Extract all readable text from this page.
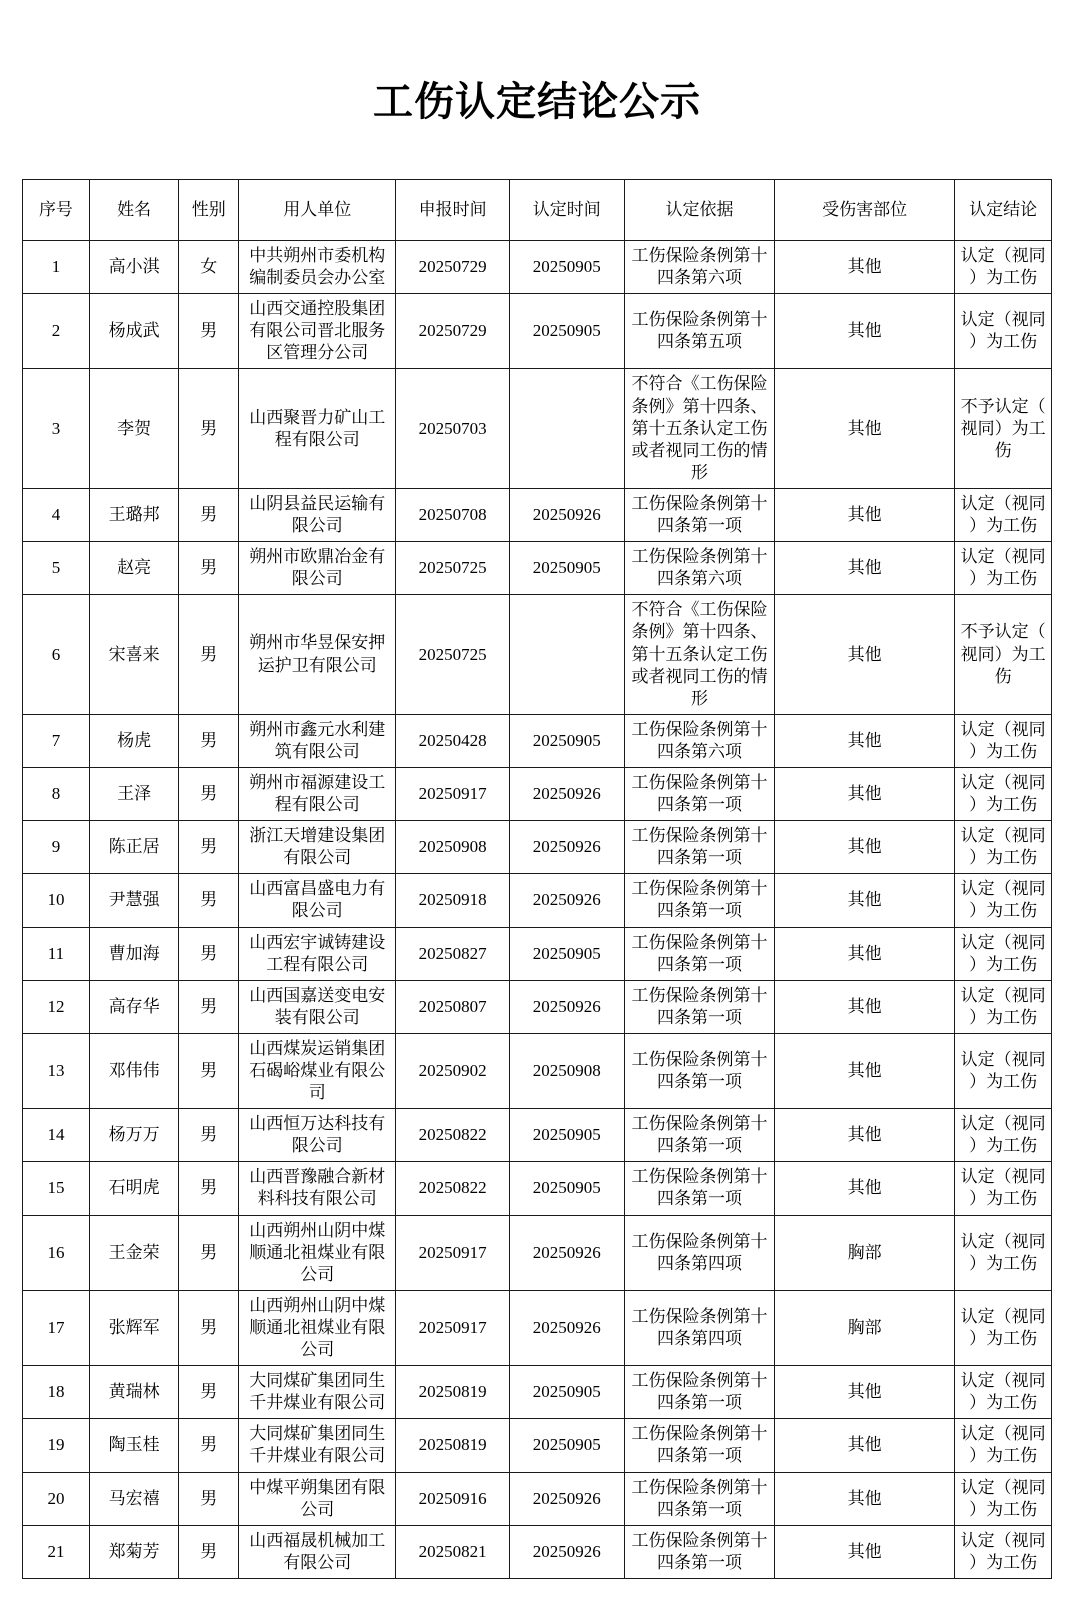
工伤认定结论公示
序号	姓名	性别	用人单位	申报时间	认定时间	认定依据	受伤害部位	认定结论
1	高小淇	女	中共朔州市委机构编制委员会办公室	20250729	20250905	工伤保险条例第十四条第六项	其他	认定（视同）为工伤
2	杨成武	男	山西交通控股集团有限公司晋北服务区管理分公司	20250729	20250905	工伤保险条例第十四条第五项	其他	认定（视同）为工伤
3	李贺	男	山西聚晋力矿山工程有限公司	20250703		不符合《工伤保险条例》第十四条、第十五条认定工伤或者视同工伤的情形	其他	不予认定（视同）为工伤
4	王璐邦	男	山阴县益民运输有限公司	20250708	20250926	工伤保险条例第十四条第一项	其他	认定（视同）为工伤
5	赵亮	男	朔州市欧鼎冶金有限公司	20250725	20250905	工伤保险条例第十四条第六项	其他	认定（视同）为工伤
6	宋喜来	男	朔州市华昱保安押运护卫有限公司	20250725		不符合《工伤保险条例》第十四条、第十五条认定工伤或者视同工伤的情形	其他	不予认定（视同）为工伤
7	杨虎	男	朔州市鑫元水利建筑有限公司	20250428	20250905	工伤保险条例第十四条第六项	其他	认定（视同）为工伤
8	王泽	男	朔州市福源建设工程有限公司	20250917	20250926	工伤保险条例第十四条第一项	其他	认定（视同）为工伤
9	陈正居	男	浙江天增建设集团有限公司	20250908	20250926	工伤保险条例第十四条第一项	其他	认定（视同）为工伤
10	尹慧强	男	山西富昌盛电力有限公司	20250918	20250926	工伤保险条例第十四条第一项	其他	认定（视同）为工伤
11	曹加海	男	山西宏宇诚铸建设工程有限公司	20250827	20250905	工伤保险条例第十四条第一项	其他	认定（视同）为工伤
12	高存华	男	山西国嘉送变电安装有限公司	20250807	20250926	工伤保险条例第十四条第一项	其他	认定（视同）为工伤
13	邓伟伟	男	山西煤炭运销集团石碣峪煤业有限公司	20250902	20250908	工伤保险条例第十四条第一项	其他	认定（视同）为工伤
14	杨万万	男	山西恒万达科技有限公司	20250822	20250905	工伤保险条例第十四条第一项	其他	认定（视同）为工伤
15	石明虎	男	山西晋豫融合新材料科技有限公司	20250822	20250905	工伤保险条例第十四条第一项	其他	认定（视同）为工伤
16	王金荣	男	山西朔州山阴中煤顺通北祖煤业有限公司	20250917	20250926	工伤保险条例第十四条第四项	胸部	认定（视同）为工伤
17	张辉军	男	山西朔州山阴中煤顺通北祖煤业有限公司	20250917	20250926	工伤保险条例第十四条第四项	胸部	认定（视同）为工伤
18	黄瑞林	男	大同煤矿集团同生千井煤业有限公司	20250819	20250905	工伤保险条例第十四条第一项	其他	认定（视同）为工伤
19	陶玉桂	男	大同煤矿集团同生千井煤业有限公司	20250819	20250905	工伤保险条例第十四条第一项	其他	认定（视同）为工伤
20	马宏禧	男	中煤平朔集团有限公司	20250916	20250926	工伤保险条例第十四条第一项	其他	认定（视同）为工伤
21	郑菊芳	男	山西福晟机械加工有限公司	20250821	20250926	工伤保险条例第十四条第一项	其他	认定（视同）为工伤
